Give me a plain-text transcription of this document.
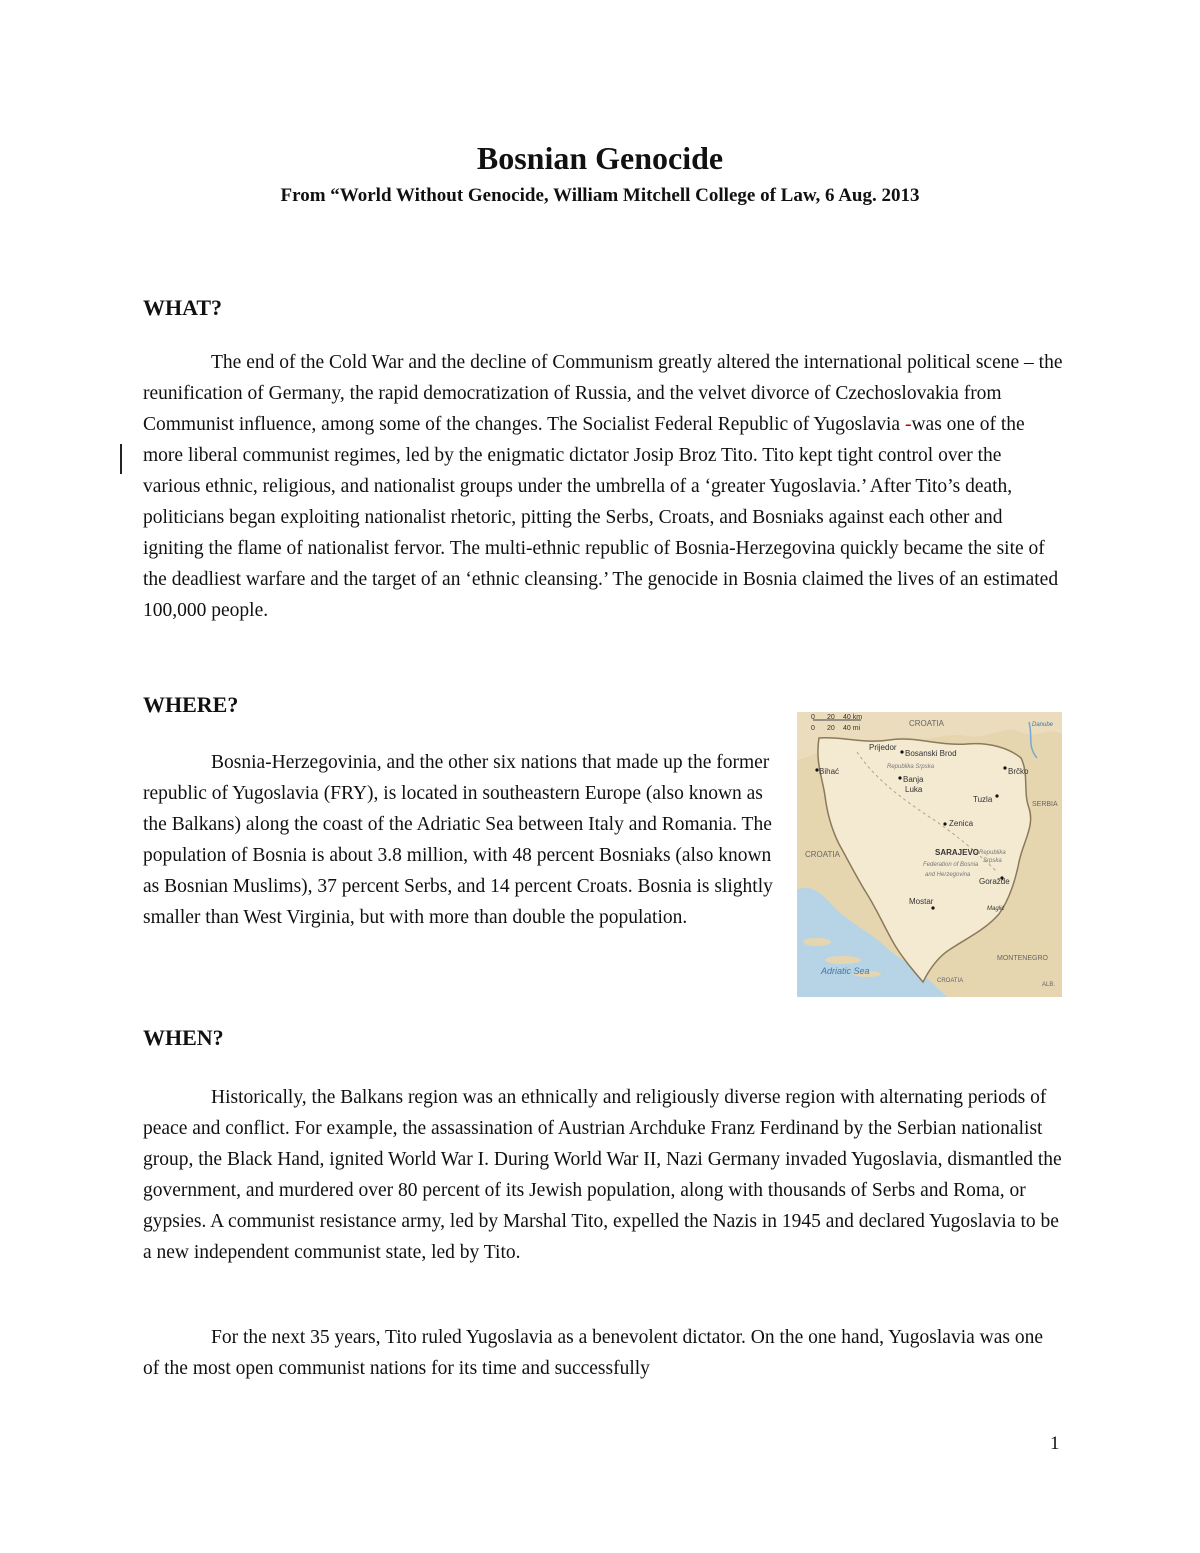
Bosnian Genocide

From “World Without Genocide, William Mitchell College of Law, 6 Aug. 2013

WHAT?

The end of the Cold War and the decline of Communism greatly altered the international political scene – the reunification of Germany, the rapid democratization of Russia, and the velvet divorce of Czechoslovakia from Communist influence, among some of the changes. The Socialist Federal Republic of Yugoslavia -was one of the more liberal communist regimes, led by the enigmatic dictator Josip Broz Tito. Tito kept tight control over the various ethnic, religious, and nationalist groups under the umbrella of a ‘greater Yugoslavia.’ After Tito’s death, politicians began exploiting nationalist rhetoric, pitting the Serbs, Croats, and Bosniaks against each other and igniting the flame of nationalist fervor. The multi-ethnic republic of Bosnia-Herzegovina quickly became the site of the deadliest warfare and the target of an ‘ethnic cleansing.’ The genocide in Bosnia claimed the lives of an estimated 100,000 people.

WHERE?

Bosnia-Herzegovinia, and the other six nations that made up the former republic of Yugoslavia (FRY), is located in southeastern Europe (also known as the Balkans) along the coast of the Adriatic Sea between Italy and Romania. The population of Bosnia is about 3.8 million, with 48 percent Bosniaks (also known as Bosnian Muslims), 37 percent Serbs, and 14 percent Croats. Bosnia is slightly smaller than West Virginia, but with more than double the population.

0 20 40 km
0 20 40 mi
CROATIA
CROATIA
CROATIA
SERBIA
MONTENEGRO
ALB.
Adriatic Sea
Danube
Prijedor
Bosanski Brod
Bihać	Republika Srpska
Banja
Luka
Brčko
Tuzla
Zenica
SARAJEVO Republika
Srpska
Federation of Bosnia
and Herzegovina
Goražde
Mostar
Maglić
WHEN?

Historically, the Balkans region was an ethnically and religiously diverse region with alternating periods of peace and conflict. For example, the assassination of Austrian Archduke Franz Ferdinand by the Serbian nationalist group, the Black Hand, ignited World War I. During World War II, Nazi Germany invaded Yugoslavia, dismantled the government, and murdered over 80 percent of its Jewish population, along with thousands of Serbs and Roma, or gypsies. A communist resistance army, led by Marshal Tito, expelled the Nazis in 1945 and declared Yugoslavia to be a new independent communist state, led by Tito.

For the next 35 years, Tito ruled Yugoslavia as a benevolent dictator. On the one hand, Yugoslavia was one of the most open communist nations for its time and successfully

1
